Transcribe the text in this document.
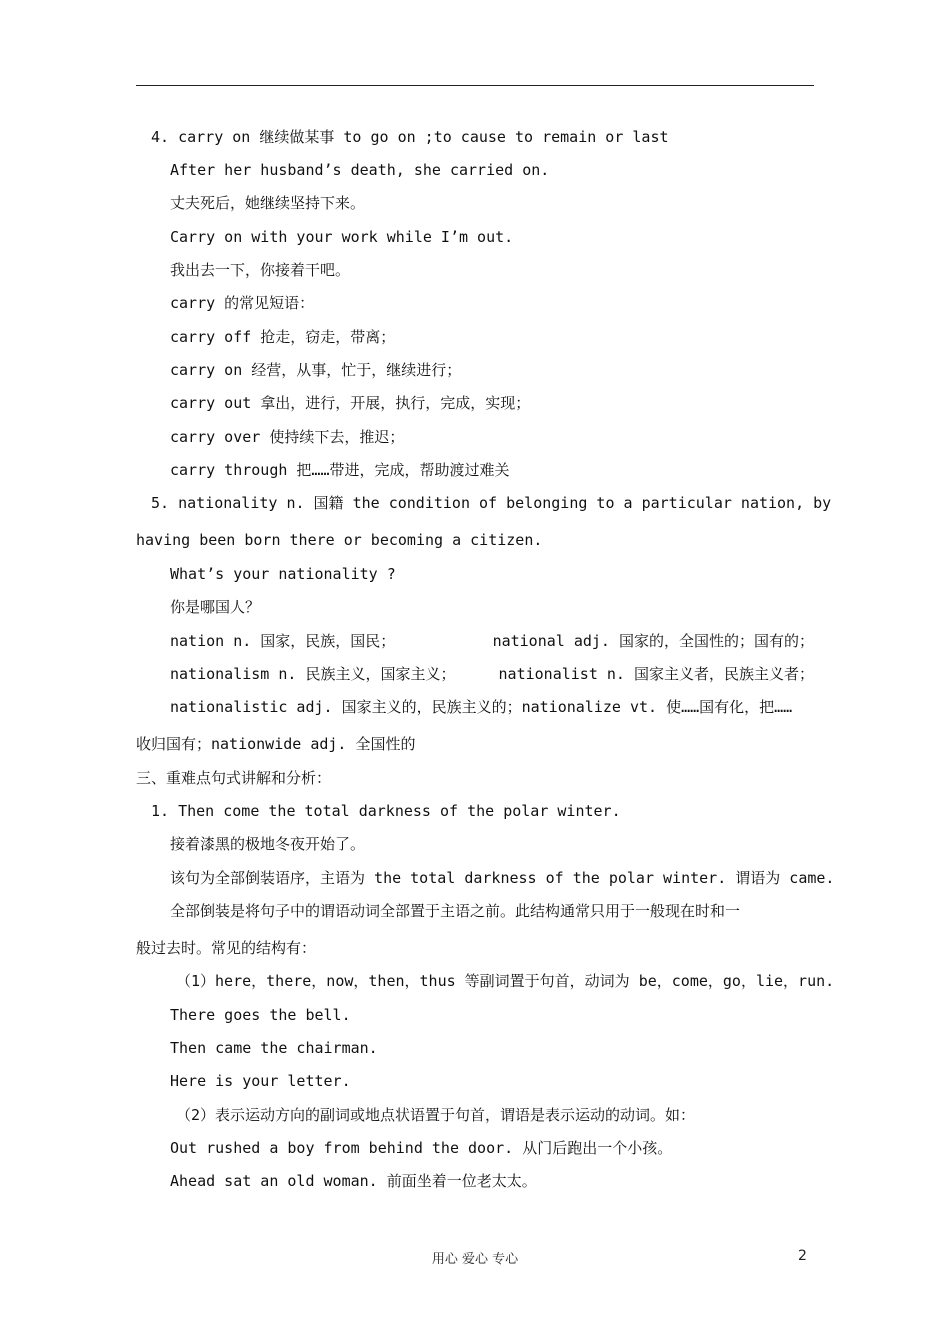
4. carry on 继续做某事 to go on ;to cause to remain or last
After her husband’s death, she carried on.
丈夫死后，她继续坚持下来。
Carry on with your work while I’m out.
我出去一下，你接着干吧。
carry 的常见短语：
carry off 抢走，窃走，带离；
carry on 经营，从事，忙于，继续进行；
carry out 拿出，进行，开展，执行，完成，实现；
carry over 使持续下去，推迟；
carry through 把……带进，完成，帮助渡过难关
5. nationality n. 国籍 the condition of belonging to a particular nation, by
having been born there or becoming a citizen.
What’s your nationality ?
你是哪国人？
nation n. 国家，民族，国民；	national adj. 国家的，全国性的；国有的；
nationalism n. 民族主义，国家主义；	nationalist n. 国家主义者，民族主义者；
nationalistic adj. 国家主义的，民族主义的；nationalize vt. 使……国有化，把……
收归国有；nationwide adj. 全国性的
三、重难点句式讲解和分析：
1. Then come the total darkness of the polar winter.
接着漆黑的极地冬夜开始了。
该句为全部倒装语序，主语为 the total darkness of the polar winter. 谓语为 came.
全部倒装是将句子中的谓语动词全部置于主语之前。此结构通常只用于一般现在时和一
般过去时。常见的结构有：
（1）here，there，now，then，thus 等副词置于句首，动词为 be，come，go，lie，run.
There goes the bell.
Then came the chairman.
Here is your letter.
（2）表示运动方向的副词或地点状语置于句首，谓语是表示运动的动词。如：
Out rushed a boy from behind the door. 从门后跑出一个小孩。
Ahead sat an old woman. 前面坐着一位老太太。
用心 爱心 专心	2
